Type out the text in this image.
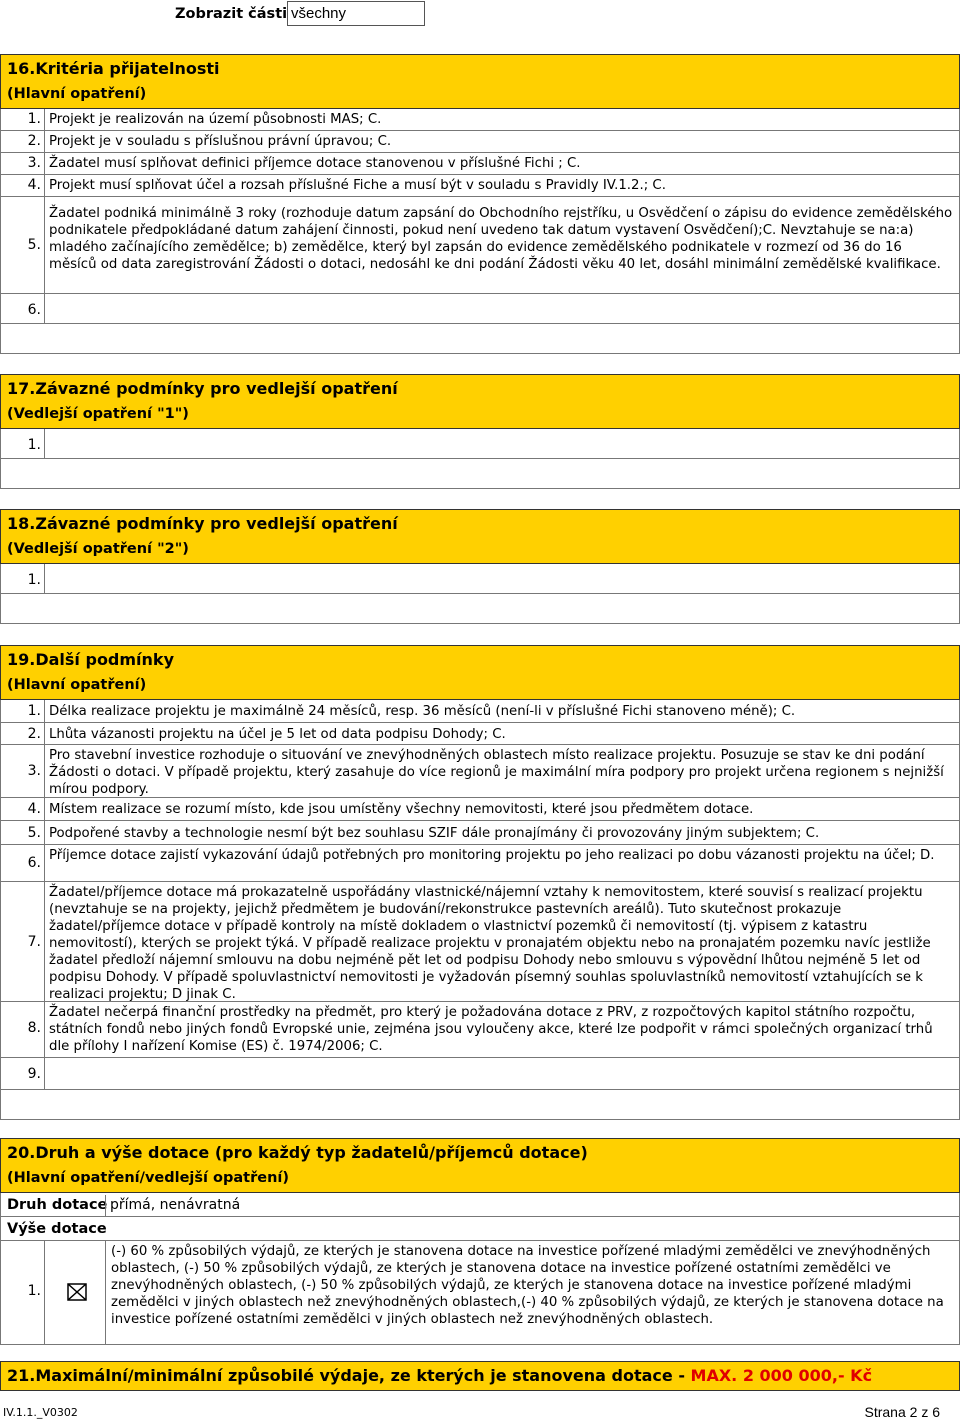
Zobrazit části všechny
16.Kritéria přijatelnosti
(Hlavní opatření)
1. Projekt je realizován na území působnosti MAS; C.
2. Projekt je v souladu s příslušnou právní úpravou; C.
3. Žadatel musí splňovat definici příjemce dotace stanovenou v příslušné Fichi ; C.
4. Projekt musí splňovat účel a rozsah příslušné Fiche a musí být v souladu s Pravidly IV.1.2.; C.
5.
Žadatel podniká minimálně 3 roky (rozhoduje datum zapsání do Obchodního rejstříku, u Osvědčení o zápisu do evidence zemědělského podnikatele předpokládané datum zahájení činnosti, pokud není uvedeno tak datum vystavení Osvědčení);C. Nevztahuje se na:a) mladého začínajícího zemědělce; b) zemědělce, který byl zapsán do evidence zemědělského podnikatele v rozmezí od 36 do 16 měsíců od data zaregistrování Žádosti o dotaci, nedosáhl ke dni podání Žádosti věku 40 let, dosáhl minimální zemědělské kvalifikace.
6.
17.Závazné podmínky pro vedlejší opatření
(Vedlejší opatření "1")
1.
18.Závazné podmínky pro vedlejší opatření
(Vedlejší opatření "2")
1.
19.Další podmínky
(Hlavní opatření)
1. Délka realizace projektu je maximálně 24 měsíců, resp. 36 měsíců (není-li v příslušné Fichi stanoveno méně); C.
2. Lhůta vázanosti projektu na účel je 5 let od data podpisu Dohody; C.
3.
Pro stavební investice rozhoduje o situování ve znevýhodněných oblastech místo realizace projektu. Posuzuje se stav ke dni podání Žádosti o dotaci. V případě projektu, který zasahuje do více regionů je maximální míra podpory pro projekt určena regionem s nejnižší mírou podpory.
4. Místem realizace se rozumí místo, kde jsou umístěny všechny nemovitosti, které jsou předmětem dotace.
5. Podpořené stavby a technologie nesmí být bez souhlasu SZIF dále pronajímány či provozovány jiným subjektem; C.
6. Příjemce dotace zajistí vykazování údajů potřebných pro monitoring projektu po jeho realizaci po dobu vázanosti projektu na účel; D.
7.
Žadatel/příjemce dotace má prokazatelně uspořádány vlastnické/nájemní vztahy k nemovitostem, které souvisí s realizací projektu (nevztahuje se na projekty, jejichž předmětem je budování/rekonstrukce pastevních areálů). Tuto skutečnost prokazuje žadatel/příjemce dotace v případě kontroly na místě dokladem o vlastnictví pozemků či nemovitostí (tj. výpisem z katastru nemovitostí), kterých se projekt týká. V případě realizace projektu v pronajatém objektu nebo na pronajatém pozemku navíc jestliže žadatel předloží nájemní smlouvu na dobu nejméně pět let od podpisu Dohody nebo smlouvu s výpovědní lhůtou nejméně 5 let od podpisu Dohody. V případě spoluvlastnictví nemovitosti je vyžadován písemný souhlas spoluvlastníků nemovitostí vztahujících se k realizaci projektu; D jinak C.
8.
Žadatel nečerpá finanční prostředky na předmět, pro který je požadována dotace z PRV, z rozpočtových kapitol státního rozpočtu, státních fondů nebo jiných fondů Evropské unie, zejména jsou vyloučeny akce, které lze podpořit v rámci společných organizací trhů dle přílohy I nařízení Komise (ES) č. 1974/2006; C.
9.
20.Druh a výše dotace (pro každý typ žadatelů/příjemců dotace)
(Hlavní opatření/vedlejší opatření)
Druh dotace přímá, nenávratná
Výše dotace
1.
(-) 60 % způsobilých výdajů, ze kterých je stanovena dotace na investice pořízené mladými zemědělci ve znevýhodněných oblastech, (-) 50 % způsobilých výdajů, ze kterých je stanovena dotace na investice pořízené ostatními zemědělci ve znevýhodněných oblastech, (-) 50 % způsobilých výdajů, ze kterých je stanovena dotace na investice pořízené mladými zemědělci v jiných oblastech než znevýhodněných oblastech,(-) 40 % způsobilých výdajů, ze kterých je stanovena dotace na investice pořízené ostatními zemědělci v jiných oblastech než znevýhodněných oblastech.
21.Maximální/minimální způsobilé výdaje, ze kterých je stanovena dotace - MAX. 2 000 000,- Kč
IV.1.1._V0302	Strana 2 z 6
